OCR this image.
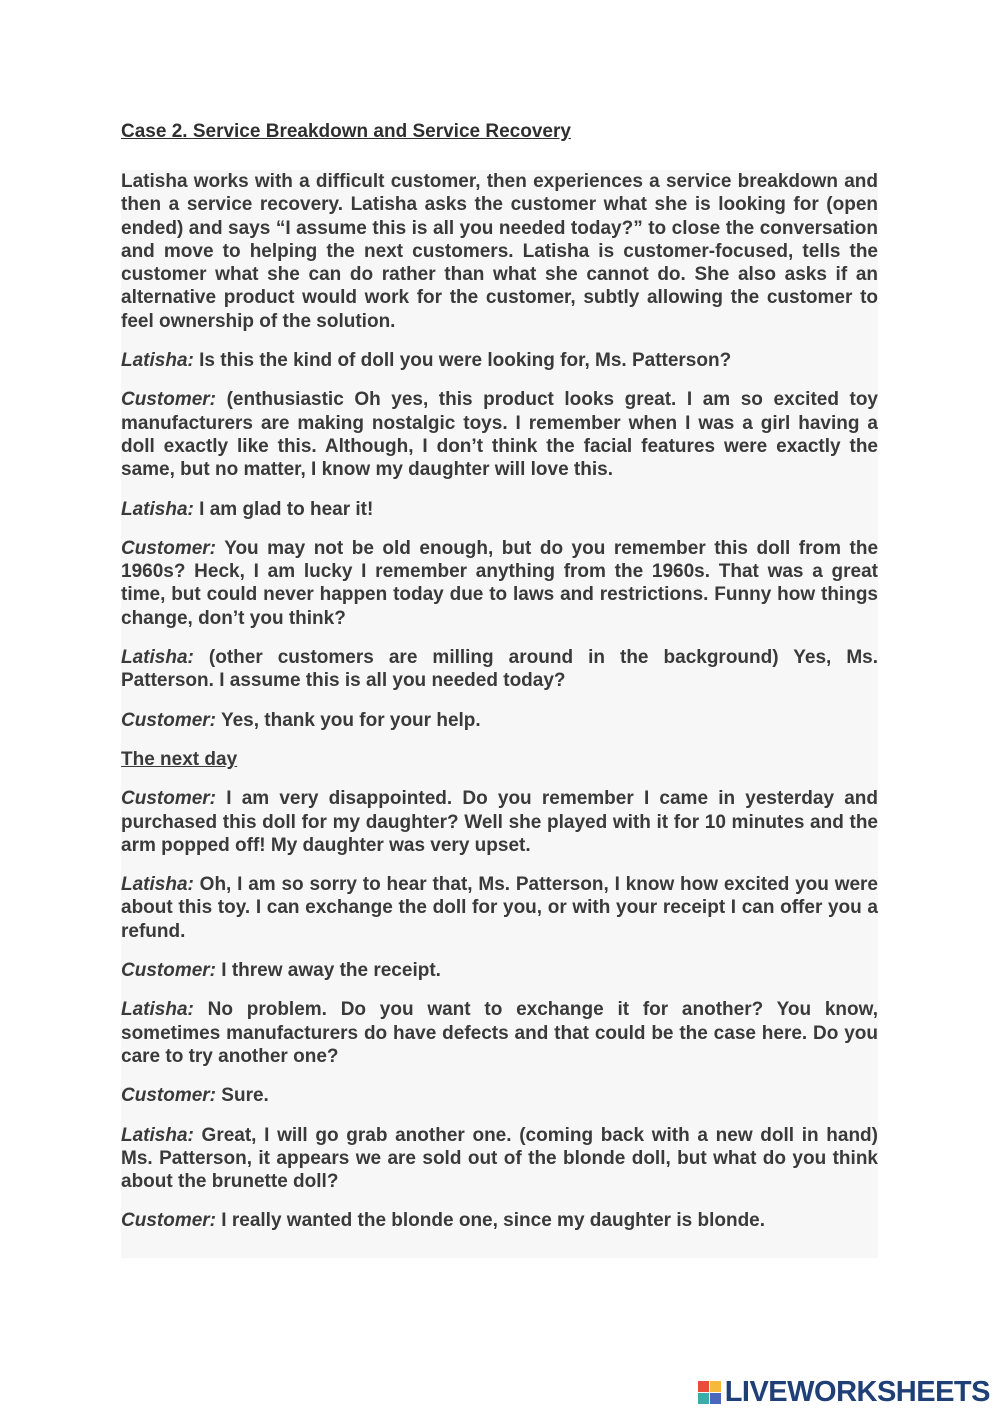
Case 2. Service Breakdown and Service Recovery

Latisha works with a difficult customer, then experiences a service breakdown and then a service recovery. Latisha asks the customer what she is looking for (open ended) and says “I assume this is all you needed today?” to close the conversation and move to helping the next customers. Latisha is customer-focused, tells the customer what she can do rather than what she cannot do. She also asks if an alternative product would work for the customer, subtly allowing the customer to feel ownership of the solution.

Latisha: Is this the kind of doll you were looking for, Ms. Patterson?

Customer: (enthusiastic Oh yes, this product looks great. I am so excited toy manufacturers are making nostalgic toys. I remember when I was a girl having a doll exactly like this. Although, I don’t think the facial features were exactly the same, but no matter, I know my daughter will love this.

Latisha: I am glad to hear it!

Customer: You may not be old enough, but do you remember this doll from the 1960s? Heck, I am lucky I remember anything from the 1960s. That was a great time, but could never happen today due to laws and restrictions. Funny how things change, don’t you think?

Latisha: (other customers are milling around in the background) Yes, Ms. Patterson. I assume this is all you needed today?

Customer: Yes, thank you for your help.

The next day

Customer: I am very disappointed. Do you remember I came in yesterday and purchased this doll for my daughter? Well she played with it for 10 minutes and the arm popped off! My daughter was very upset.

Latisha: Oh, I am so sorry to hear that, Ms. Patterson, I know how excited you were about this toy. I can exchange the doll for you, or with your receipt I can offer you a refund.

Customer: I threw away the receipt.

Latisha: No problem. Do you want to exchange it for another? You know, sometimes manufacturers do have defects and that could be the case here. Do you care to try another one?

Customer: Sure.

Latisha: Great, I will go grab another one. (coming back with a new doll in hand) Ms. Patterson, it appears we are sold out of the blonde doll, but what do you think about the brunette doll?

Customer: I really wanted the blonde one, since my daughter is blonde.

LIVEWORKSHEETS
